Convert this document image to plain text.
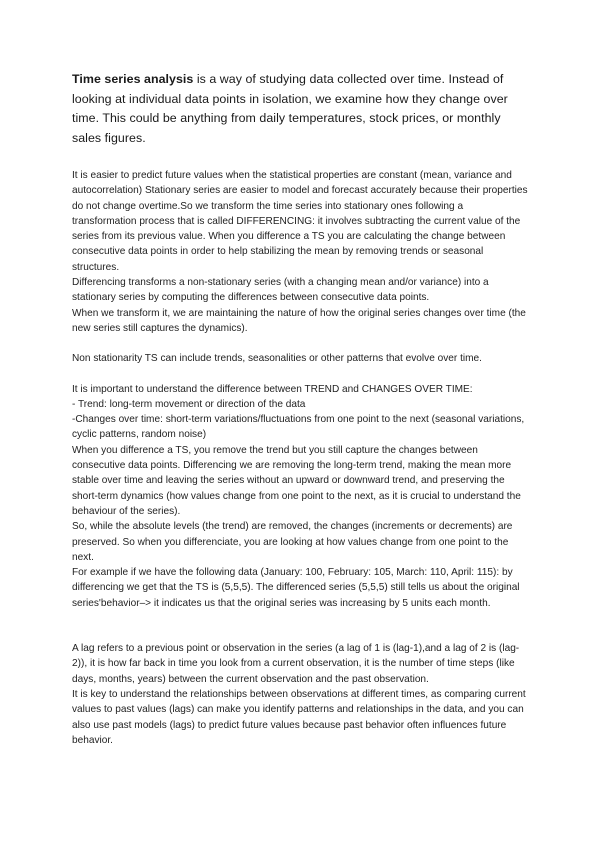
Time series analysis is a way of studying data collected over time. Instead of looking at individual data points in isolation, we examine how they change over time. This could be anything from daily temperatures, stock prices, or monthly sales figures.

It is easier to predict future values when the statistical properties are constant (mean, variance and autocorrelation) Stationary series are easier to model and forecast accurately because their properties do not change overtime.So we transform the time series into stationary ones following a transformation process that is called DIFFERENCING: it involves subtracting the current value of the series from its previous value. When you difference a TS you are calculating the change between consecutive data points in order to help stabilizing the mean by removing trends or seasonal structures.

Differencing transforms a non-stationary series (with a changing mean and/or variance) into a stationary series by computing the differences between consecutive data points.

When we transform it, we are maintaining the nature of how the original series changes over time (the new series still captures the dynamics).

Non stationarity TS can include trends, seasonalities or other patterns that evolve over time.

It is important to understand the difference between TREND and CHANGES OVER TIME:

- Trend: long-term movement or direction of the data

-Changes over time: short-term variations/fluctuations from one point to the next (seasonal variations, cyclic patterns, random noise)

When you difference a TS, you remove the trend but you still capture the changes between consecutive data points. Differencing we are removing the long-term trend, making the mean more stable over time and leaving the series without an upward or downward trend, and preserving the short-term dynamics (how values change from one point to the next, as it is crucial to understand the behaviour of the series).

So, while the absolute levels (the trend) are removed, the changes (increments or decrements) are preserved. So when you differenciate, you are looking at how values change from one point to the next.

For example if we have the following data (January: 100, February: 105, March: 110, April: 115): by differencing we get that the TS is (5,5,5). The differenced series (5,5,5) still tells us about the original series'behavior–> it indicates us that the original series was increasing by 5 units each month.

A lag refers to a previous point or observation in the series (a lag of 1 is (lag-1),and a lag of 2 is (lag-2)), it is how far back in time you look from a current observation, it is the number of time steps (like days, months, years) between the current observation and the past observation.

It is key to understand the relationships between observations at different times, as comparing current values to past values (lags) can make you identify patterns and relationships in the data, and you can also use past models (lags) to predict future values because past behavior often influences future behavior.
